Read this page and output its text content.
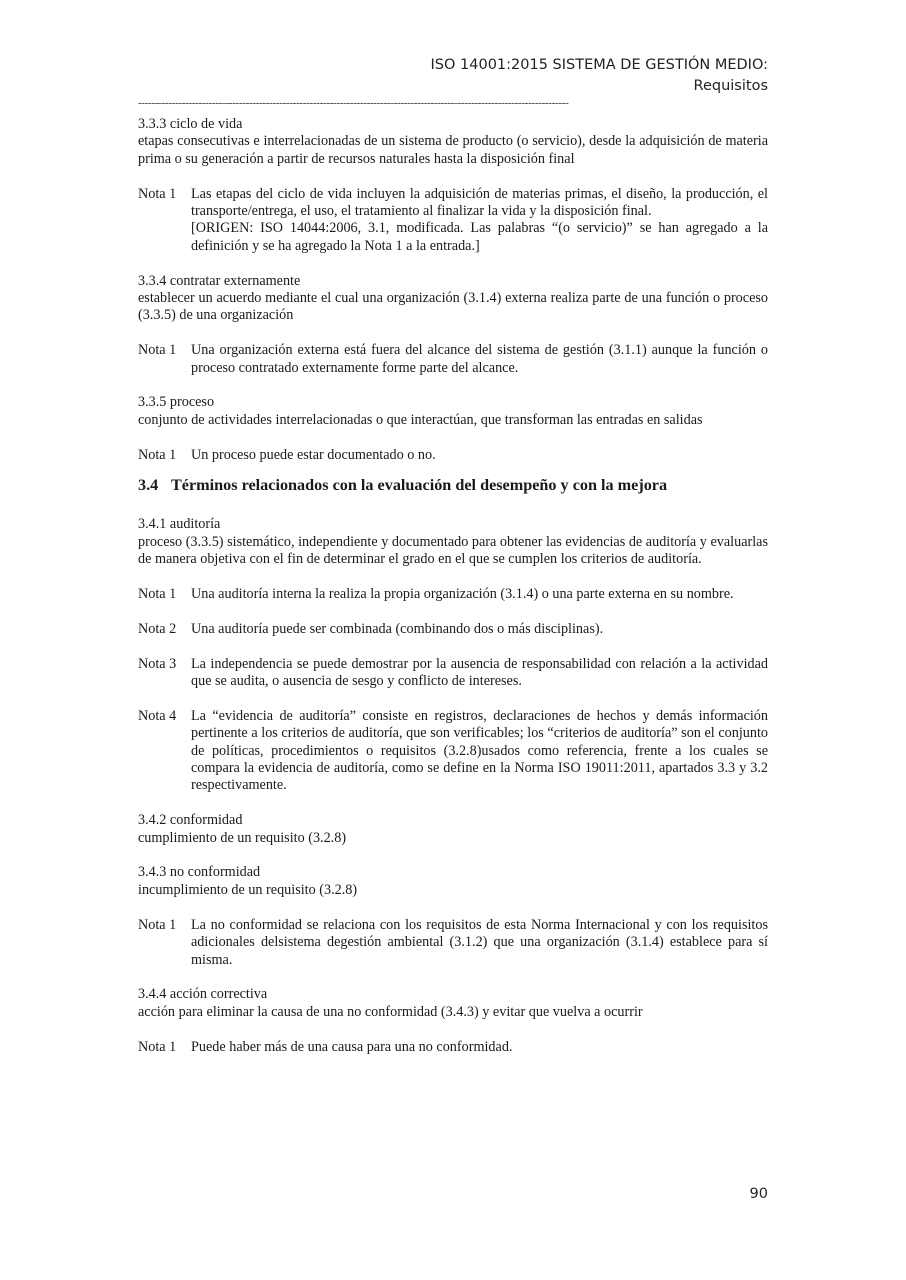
ISO 14001:2015 SISTEMA DE GESTIÓN MEDIO:
Requisitos
--------------------------------------------------------------------------------------------------------------------------------

3.3.3 ciclo de vida

etapas consecutivas e interrelacionadas de un sistema de producto (o servicio), desde la adquisición de materia prima o su generación a partir de recursos naturales hasta la disposición final

Nota 1	Las etapas del ciclo de vida incluyen la adquisición de materias primas, el diseño, la producción, el transporte/entrega, el uso, el tratamiento al finalizar la vida y la disposición final.

[ORIGEN: ISO 14044:2006, 3.1, modificada. Las palabras “(o servicio)” se han agregado a la definición y se ha agregado la Nota 1 a la entrada.]

3.3.4 contratar externamente

establecer un acuerdo mediante el cual una organización (3.1.4) externa realiza parte de una función o proceso (3.3.5) de una organización

Nota 1	Una organización externa está fuera del alcance del sistema de gestión (3.1.1) aunque la función o proceso contratado externamente forme parte del alcance.

3.3.5 proceso

conjunto de actividades interrelacionadas o que interactúan, que transforman las entradas en salidas

Nota 1	Un proceso puede estar documentado o no.

3.4 Términos relacionados con la evaluación del desempeño y con la mejora

3.4.1 auditoría

proceso (3.3.5) sistemático, independiente y documentado para obtener las evidencias de auditoría y evaluarlas de manera objetiva con el fin de determinar el grado en el que se cumplen los criterios de auditoría.

Nota 1 Una auditoría interna la realiza la propia organización (3.1.4) o una parte externa en su nombre.

Nota 2	Una auditoría puede ser combinada (combinando dos o más disciplinas).

Nota 3	La independencia se puede demostrar por la ausencia de responsabilidad con relación a la actividad que se audita, o ausencia de sesgo y conflicto de intereses.

Nota 4	La “evidencia de auditoría” consiste en registros, declaraciones de hechos y demás información pertinente a los criterios de auditoría, que son verificables; los “criterios de auditoría” son el conjunto de políticas, procedimientos o requisitos (3.2.8)usados como referencia, frente a los cuales se compara la evidencia de auditoría, como se define en la Norma ISO 19011:2011, apartados 3.3 y 3.2 respectivamente.

3.4.2 conformidad

cumplimiento de un requisito (3.2.8)

3.4.3 no conformidad

incumplimiento de un requisito (3.2.8)

Nota 1	La no conformidad se relaciona con los requisitos de esta Norma Internacional y con los requisitos adicionales delsistema degestión ambiental (3.1.2) que una organización (3.1.4) establece para sí misma.

3.4.4 acción correctiva

acción para eliminar la causa de una no conformidad (3.4.3) y evitar que vuelva a ocurrir

Nota 1	Puede haber más de una causa para una no conformidad.

90
